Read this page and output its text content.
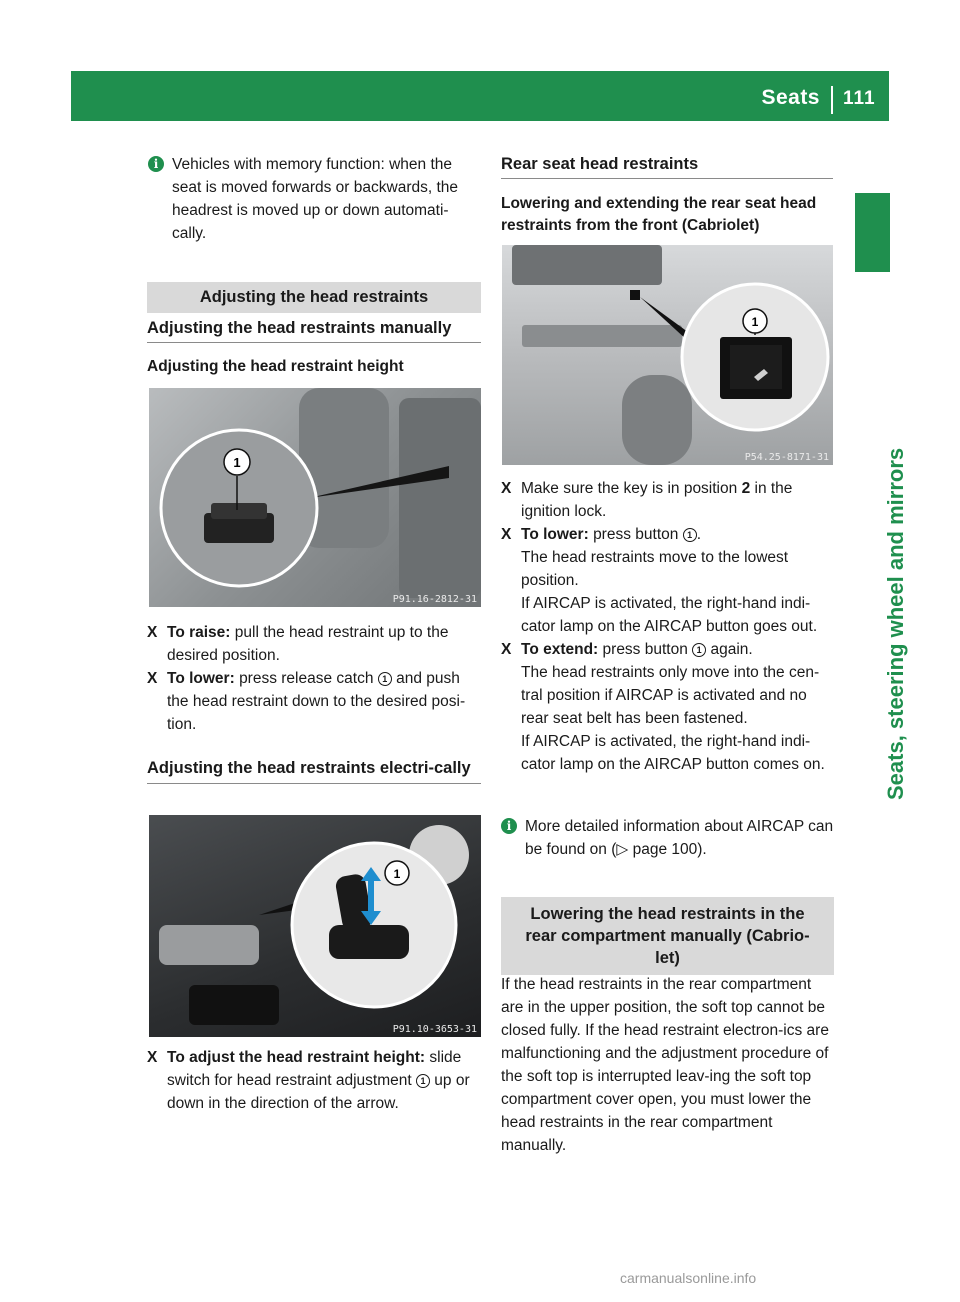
Seats 111
Seats, steering wheel and mirrors
i Vehicles with memory function: when the seat is moved forwards or backwards, the headrest is moved up or down automati-cally.
Adjusting the head restraints
Adjusting the head restraints manually
Adjusting the head restraint height
1
P91.16-2812-31
X To raise: pull the head restraint up to the desired position.
X To lower: press release catch 1 and push the head restraint down to the desired posi-tion.
Adjusting the head restraints electri-cally
1
P91.10-3653-31
X To adjust the head restraint height: slide switch for head restraint adjustment 1 up or down in the direction of the arrow.
Rear seat head restraints
Lowering and extending the rear seat head restraints from the front (Cabriolet)
1
P54.25-8171-31
X Make sure the key is in position 2 in the ignition lock.
X To lower: press button 1 .
The head restraints move to the lowest position.
If AIRCAP is activated, the right-hand indi-cator lamp on the AIRCAP button goes out.
X To extend: press button 1 again.
The head restraints only move into the cen-tral position if AIRCAP is activated and no rear seat belt has been fastened.
If AIRCAP is activated, the right-hand indi-cator lamp on the AIRCAP button comes on.
i More detailed information about AIRCAP can be found on (▷ page 100).
Lowering the head restraints in the rear compartment manually (Cabrio-let)
If the head restraints in the rear compartment are in the upper position, the soft top cannot be closed fully. If the head restraint electron-ics are malfunctioning and the adjustment procedure of the soft top is interrupted leav-ing the soft top compartment cover open, you must lower the head restraints in the rear compartment manually.
carmanualsonline.info
